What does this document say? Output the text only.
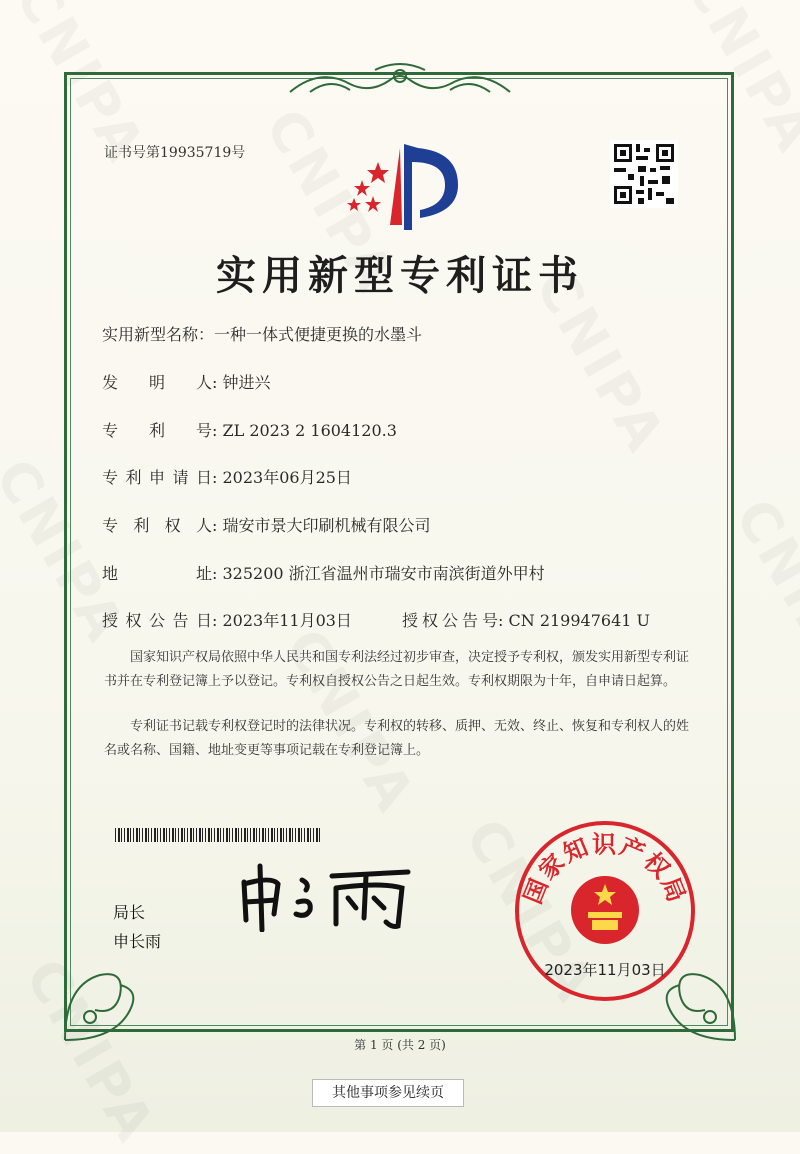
证书号第19935719号
实用新型专利证书
实用新型名称：一种一体式便捷更换的水墨斗
发明人: 钟进兴
专利号: ZL 2023 2 1604120.3
专利申请日: 2023年06月25日
专利权人: 瑞安市景大印刷机械有限公司
地址: 325200 浙江省温州市瑞安市南滨街道外甲村
授权公告日: 2023年11月03日	授权公告号: CN 219947641 U

国家知识产权局依照中华人民共和国专利法经过初步审查，决定授予专利权，颁发实用新型专利证书并在专利登记簿上予以登记。专利权自授权公告之日起生效。专利权期限为十年，自申请日起算。

专利证书记载专利权登记时的法律状况。专利权的转移、质押、无效、终止、恢复和专利权人的姓名或名称、国籍、地址变更等事项记载在专利登记簿上。

局长
申长雨
国家知识产权局
2023年11月03日
第 1 页 (共 2 页)
其他事项参见续页
